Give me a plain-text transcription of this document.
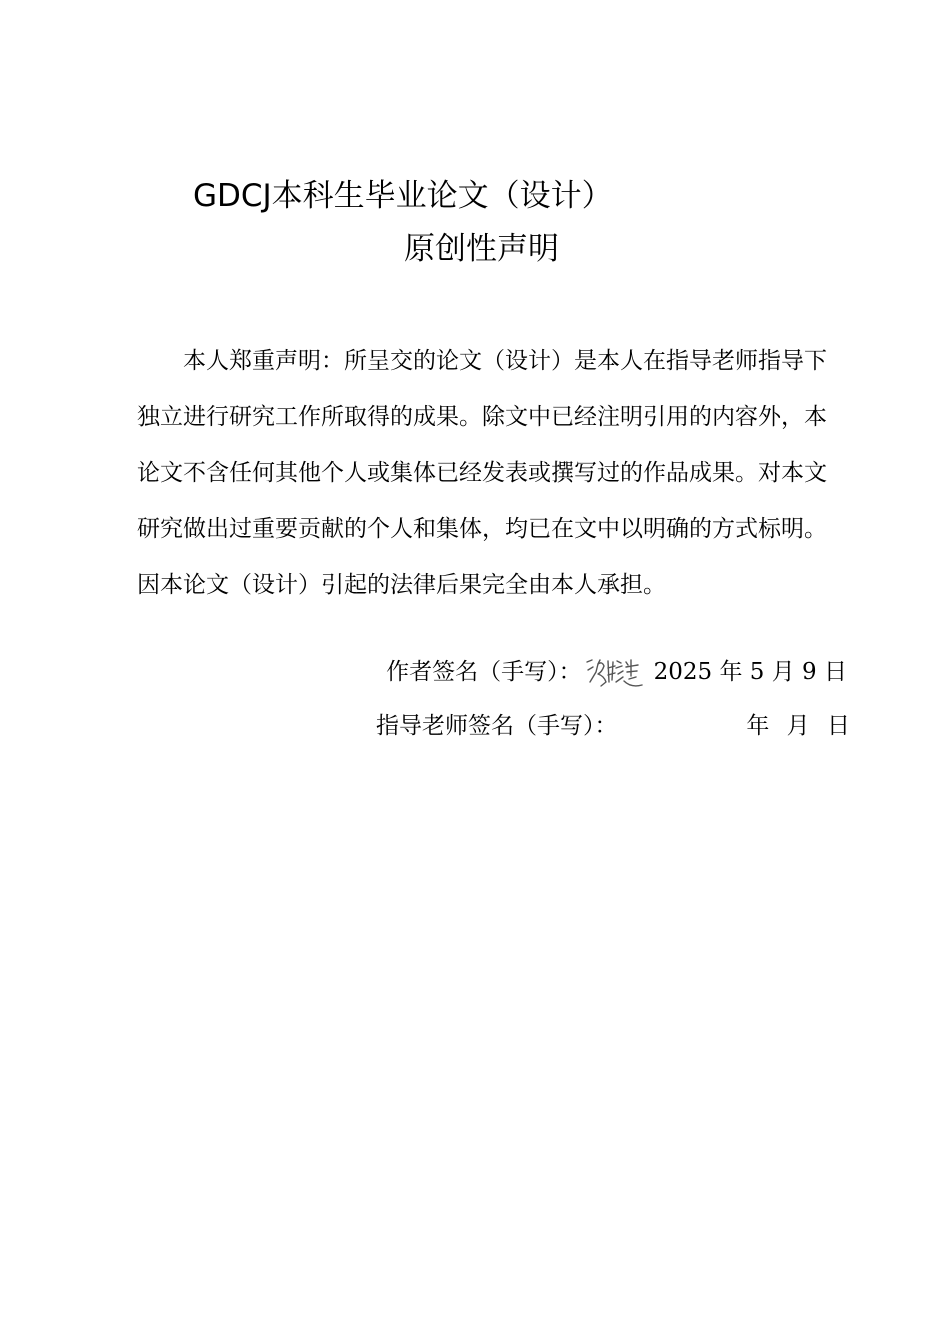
GDCJ本科生毕业论文（设计）
原创性声明
本人郑重声明：所呈交的论文（设计）是本人在指导老师指导下
独立进行研究工作所取得的成果。除文中已经注明引用的内容外，本
论文不含任何其他个人或集体已经发表或撰写过的作品成果。对本文
研究做出过重要贡献的个人和集体，均已在文中以明确的方式标明。
因本论文（设计）引起的法律后果完全由本人承担。
作者签名（手写）：	2025 年 5 月 9 日
指导老师签名（手写）：	年 月 日
